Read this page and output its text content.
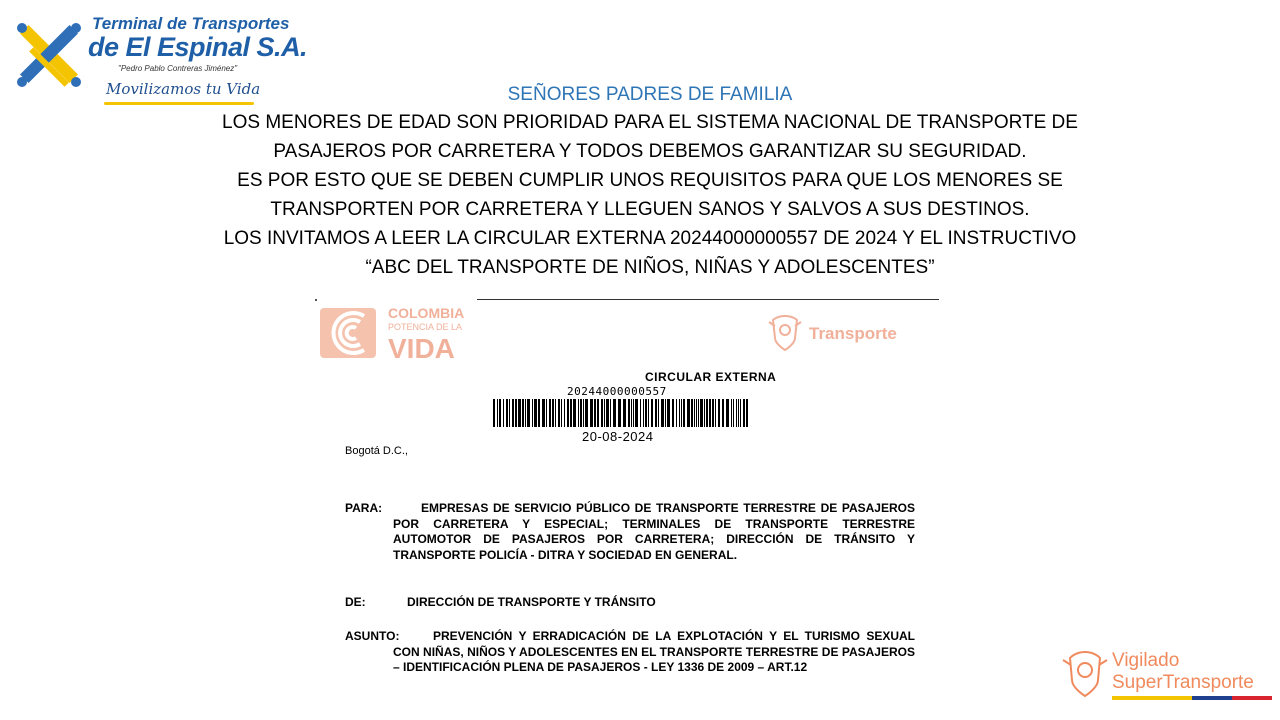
Terminal de Transportes
de El Espinal S.A.
"Pedro Pablo Contreras Jiménez"
Movilizamos tu Vida	SEÑORES PADRES DE FAMILIA
LOS MENORES DE EDAD SON PRIORIDAD PARA EL SISTEMA NACIONAL DE TRANSPORTE DE
PASAJEROS POR CARRETERA Y TODOS DEBEMOS GARANTIZAR SU SEGURIDAD.
ES POR ESTO QUE SE DEBEN CUMPLIR UNOS REQUISITOS PARA QUE LOS MENORES SE
TRANSPORTEN POR CARRETERA Y LLEGUEN SANOS Y SALVOS A SUS DESTINOS.
LOS INVITAMOS A LEER LA CIRCULAR EXTERNA 20244000000557 DE 2024 Y EL INSTRUCTIVO
“ABC DEL TRANSPORTE DE NIÑOS, NIÑAS Y ADOLESCENTES”
COLOMBIA
POTENCIA DE LA
VIDA	Transporte
CIRCULAR EXTERNA
20244000000557
20-08-2024
Bogotá D.C.,
PARA:	EMPRESAS DE SERVICIO PÚBLICO DE TRANSPORTE TERRESTRE DE PASAJEROS POR CARRETERA Y ESPECIAL; TERMINALES DE TRANSPORTE TERRESTRE AUTOMOTOR DE PASAJEROS POR CARRETERA; DIRECCIÓN DE TRÁNSITO Y TRANSPORTE POLICÍA - DITRA Y SOCIEDAD EN GENERAL.
DE:	DIRECCIÓN DE TRANSPORTE Y TRÁNSITO
ASUNTO:	PREVENCIÓN Y ERRADICACIÓN DE LA EXPLOTACIÓN Y EL TURISMO SEXUAL CON NIÑAS, NIÑOS Y ADOLESCENTES EN EL TRANSPORTE TERRESTRE DE PASAJEROS – IDENTIFICACIÓN PLENA DE PASAJEROS - LEY 1336 DE 2009 – ART.12	Vigilado
SuperTransporte
